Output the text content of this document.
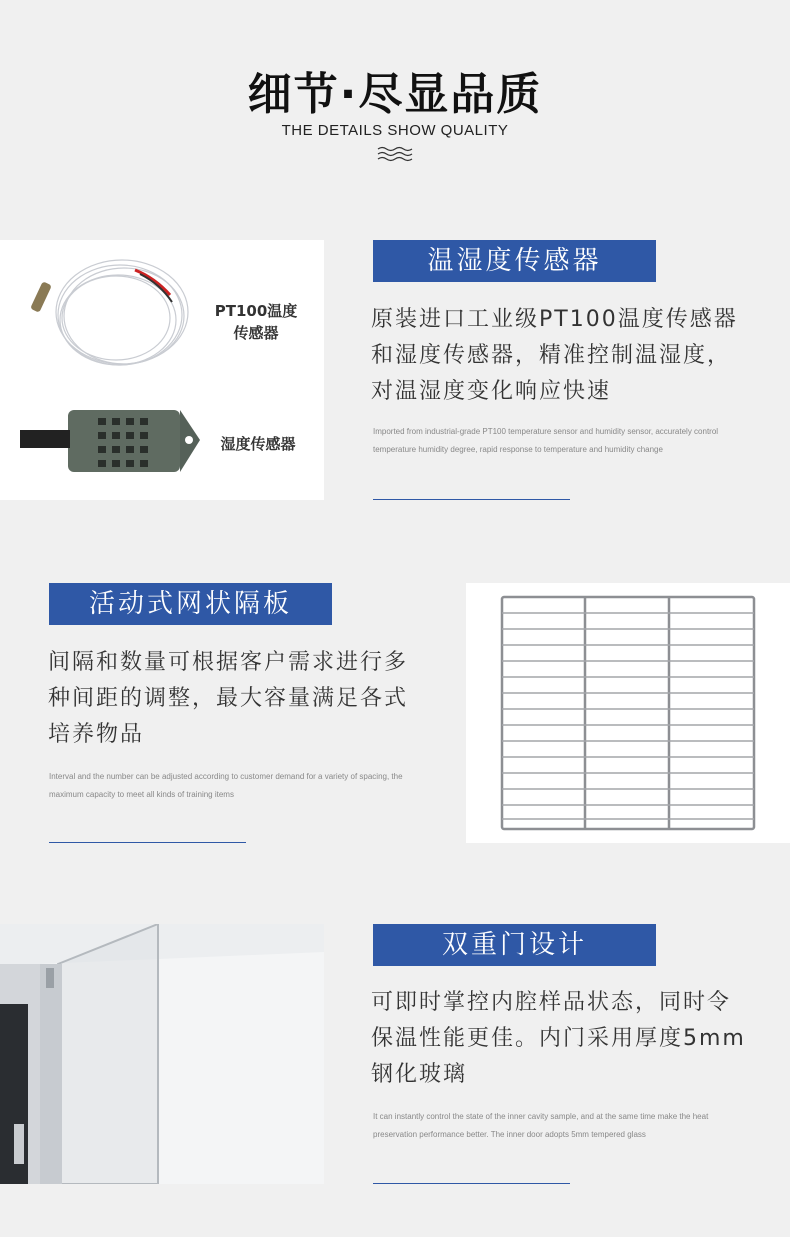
细节·尽显品质
THE DETAILS SHOW QUALITY
PT100温度传感器
湿度传感器
温湿度传感器
原装进口工业级PT100温度传感器和湿度传感器，精准控制温湿度，对温湿度变化响应快速
Imported from industrial-grade PT100 temperature sensor and humidity sensor, accurately control temperature humidity degree, rapid response to temperature and humidity change
活动式网状隔板
间隔和数量可根据客户需求进行多种间距的调整，最大容量满足各式培养物品
Interval and the number can be adjusted according to customer demand for a variety of spacing, the maximum capacity to meet all kinds of training items
双重门设计
可即时掌控内腔样品状态，同时令保温性能更佳。内门采用厚度5mm钢化玻璃
It can instantly control the state of the inner cavity sample, and at the same time make the heat preservation performance better. The inner door adopts 5mm tempered glass
